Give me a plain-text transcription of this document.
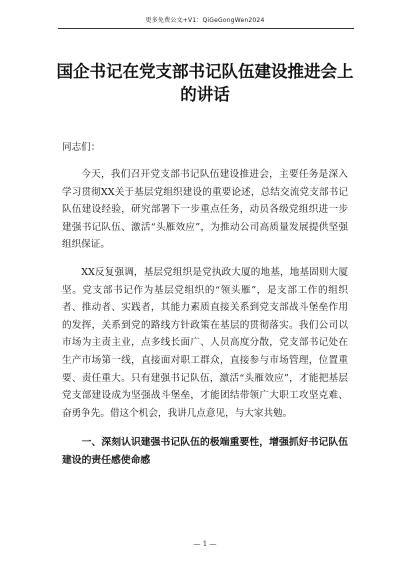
更多免费公文+V1：QiGeGongWen2024
国企书记在党支部书记队伍建设推进会上的讲话
同志们：
今天，我们召开党支部书记队伍建设推进会，主要任务是深入学习贯彻XX关于基层党组织建设的重要论述，总结交流党支部书记队伍建设经验，研究部署下一步重点任务，动员各级党组织进一步建强书记队伍、激活“头雁效应”，为推动公司高质量发展提供坚强组织保证。
XX反复强调，基层党组织是党执政大厦的地基，地基固则大厦坚。党支部书记作为基层党组织的“领头雁”，是支部工作的组织者、推动者、实践者，其能力素质直接关系到党支部战斗堡垒作用的发挥，关系到党的路线方针政策在基层的贯彻落实。我们公司以市场为主责主业，点多线长面广、人员高度分散，党支部书记处在生产市场第一线，直接面对职工群众，直接参与市场管理，位置重要、责任重大。只有建强书记队伍，激活“头雁效应”，才能把基层党支部建设成为坚强战斗堡垒，才能团结带领广大职工攻坚克难、奋勇争先。借这个机会，我讲几点意见，与大家共勉。
一、深刻认识建强书记队伍的极端重要性，增强抓好书记队伍建设的责任感使命感
— 1 —
